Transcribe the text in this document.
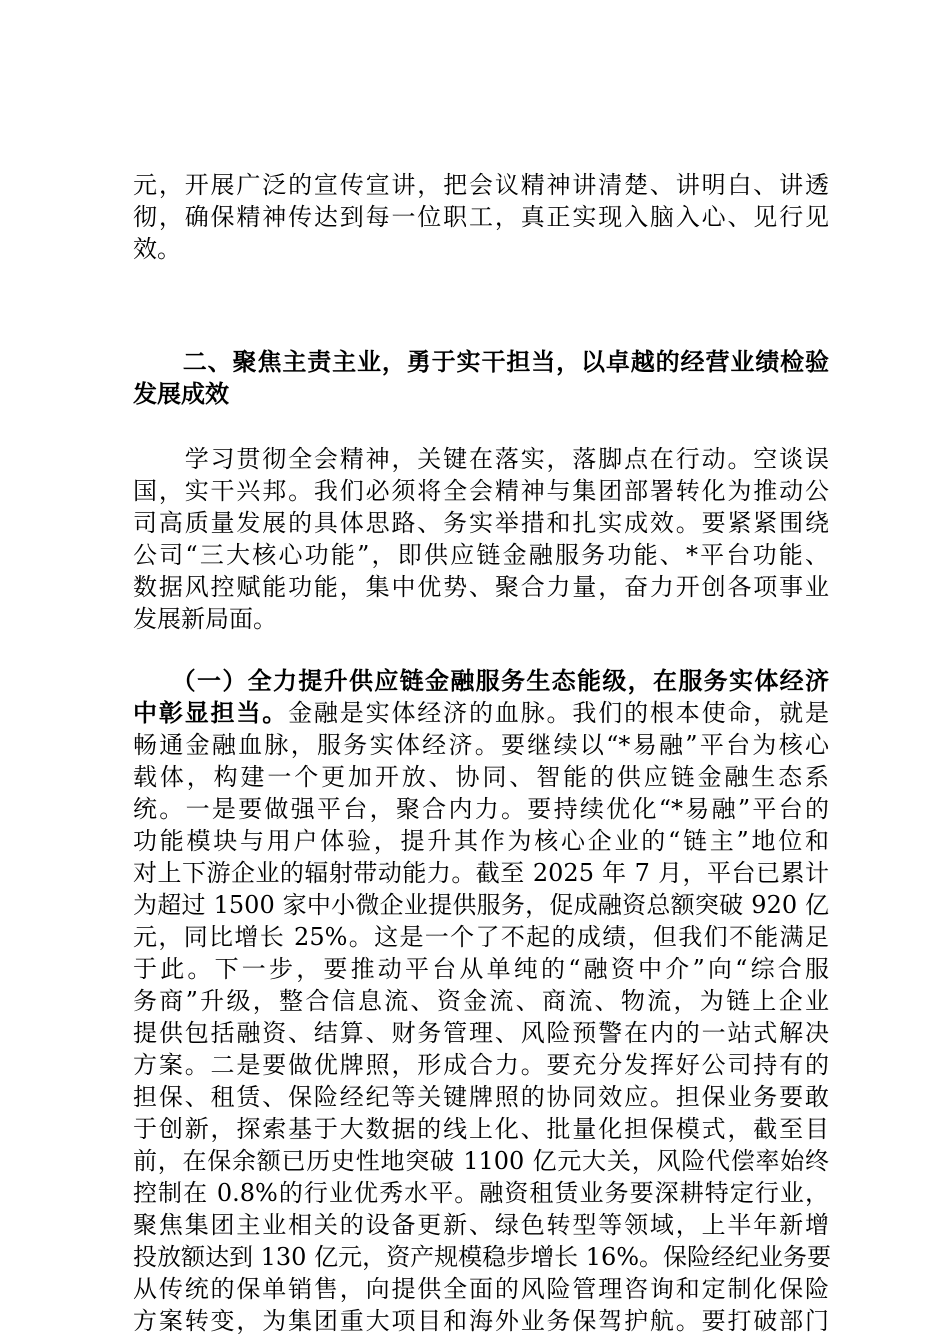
元，开展广泛的宣传宣讲，把会议精神讲清楚、讲明白、讲透
彻，确保精神传达到每一位职工，真正实现入脑入心、见行见
效。
　　二、聚焦主责主业，勇于实干担当，以卓越的经营业绩检验
发展成效
　　学习贯彻全会精神，关键在落实，落脚点在行动。空谈误
国，实干兴邦。我们必须将全会精神与集团部署转化为推动公
司高质量发展的具体思路、务实举措和扎实成效。要紧紧围绕
公司“三大核心功能”，即供应链金融服务功能、*平台功能、
数据风控赋能功能，集中优势、聚合力量，奋力开创各项事业
发展新局面。
　　（一）全力提升供应链金融服务生态能级，在服务实体经济
中彰显担当。金融是实体经济的血脉。我们的根本使命，就是
畅通金融血脉，服务实体经济。要继续以“*易融”平台为核心
载体，构建一个更加开放、协同、智能的供应链金融生态系
统。一是要做强平台，聚合内力。要持续优化“*易融”平台的
功能模块与用户体验，提升其作为核心企业的“链主”地位和
对上下游企业的辐射带动能力。截至 2025 年 7 月，平台已累计
为超过 1500 家中小微企业提供服务，促成融资总额突破 920 亿
元，同比增长 25%。这是一个了不起的成绩，但我们不能满足
于此。下一步，要推动平台从单纯的“融资中介”向“综合服
务商”升级，整合信息流、资金流、商流、物流，为链上企业
提供包括融资、结算、财务管理、风险预警在内的一站式解决
方案。二是要做优牌照，形成合力。要充分发挥好公司持有的
担保、租赁、保险经纪等关键牌照的协同效应。担保业务要敢
于创新，探索基于大数据的线上化、批量化担保模式，截至目
前，在保余额已历史性地突破 1100 亿元大关，风险代偿率始终
控制在 0.8%的行业优秀水平。融资租赁业务要深耕特定行业，
聚焦集团主业相关的设备更新、绿色转型等领域，上半年新增
投放额达到 130 亿元，资产规模稳步增长 16%。保险经纪业务要
从传统的保单销售，向提供全面的风险管理咨询和定制化保险
方案转变，为集团重大项目和海外业务保驾护航。要打破部门
